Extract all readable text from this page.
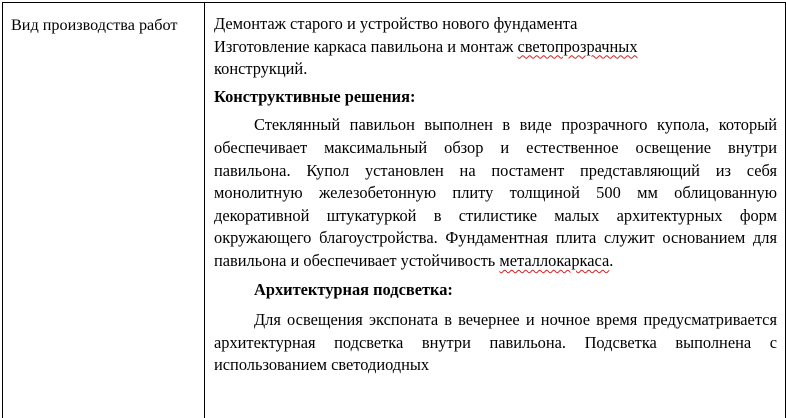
Вид производства работ	Демонтаж старого и устройство нового фундамента
Изготовление каркаса павильона и монтаж светопрозрачных
конструкций.
Конструктивные решения:
Стеклянный павильон выполнен в виде прозрачного купола, который обеспечивает максимальный обзор и естественное освещение внутри павильона. Купол установлен на постамент представляющий из себя монолитную железобетонную плиту толщиной 500 мм облицованную декоративной штукатуркой в стилистике малых архитектурных форм окружающего благоустройства. Фундаментная плита служит основанием для павильона и обеспечивает устойчивость металлокаркаса.
Архитектурная подсветка:
Для освещения экспоната в вечернее и ночное время предусматривается архитектурная подсветка внутри павильона. Подсветка выполнена с использованием светодиодных
